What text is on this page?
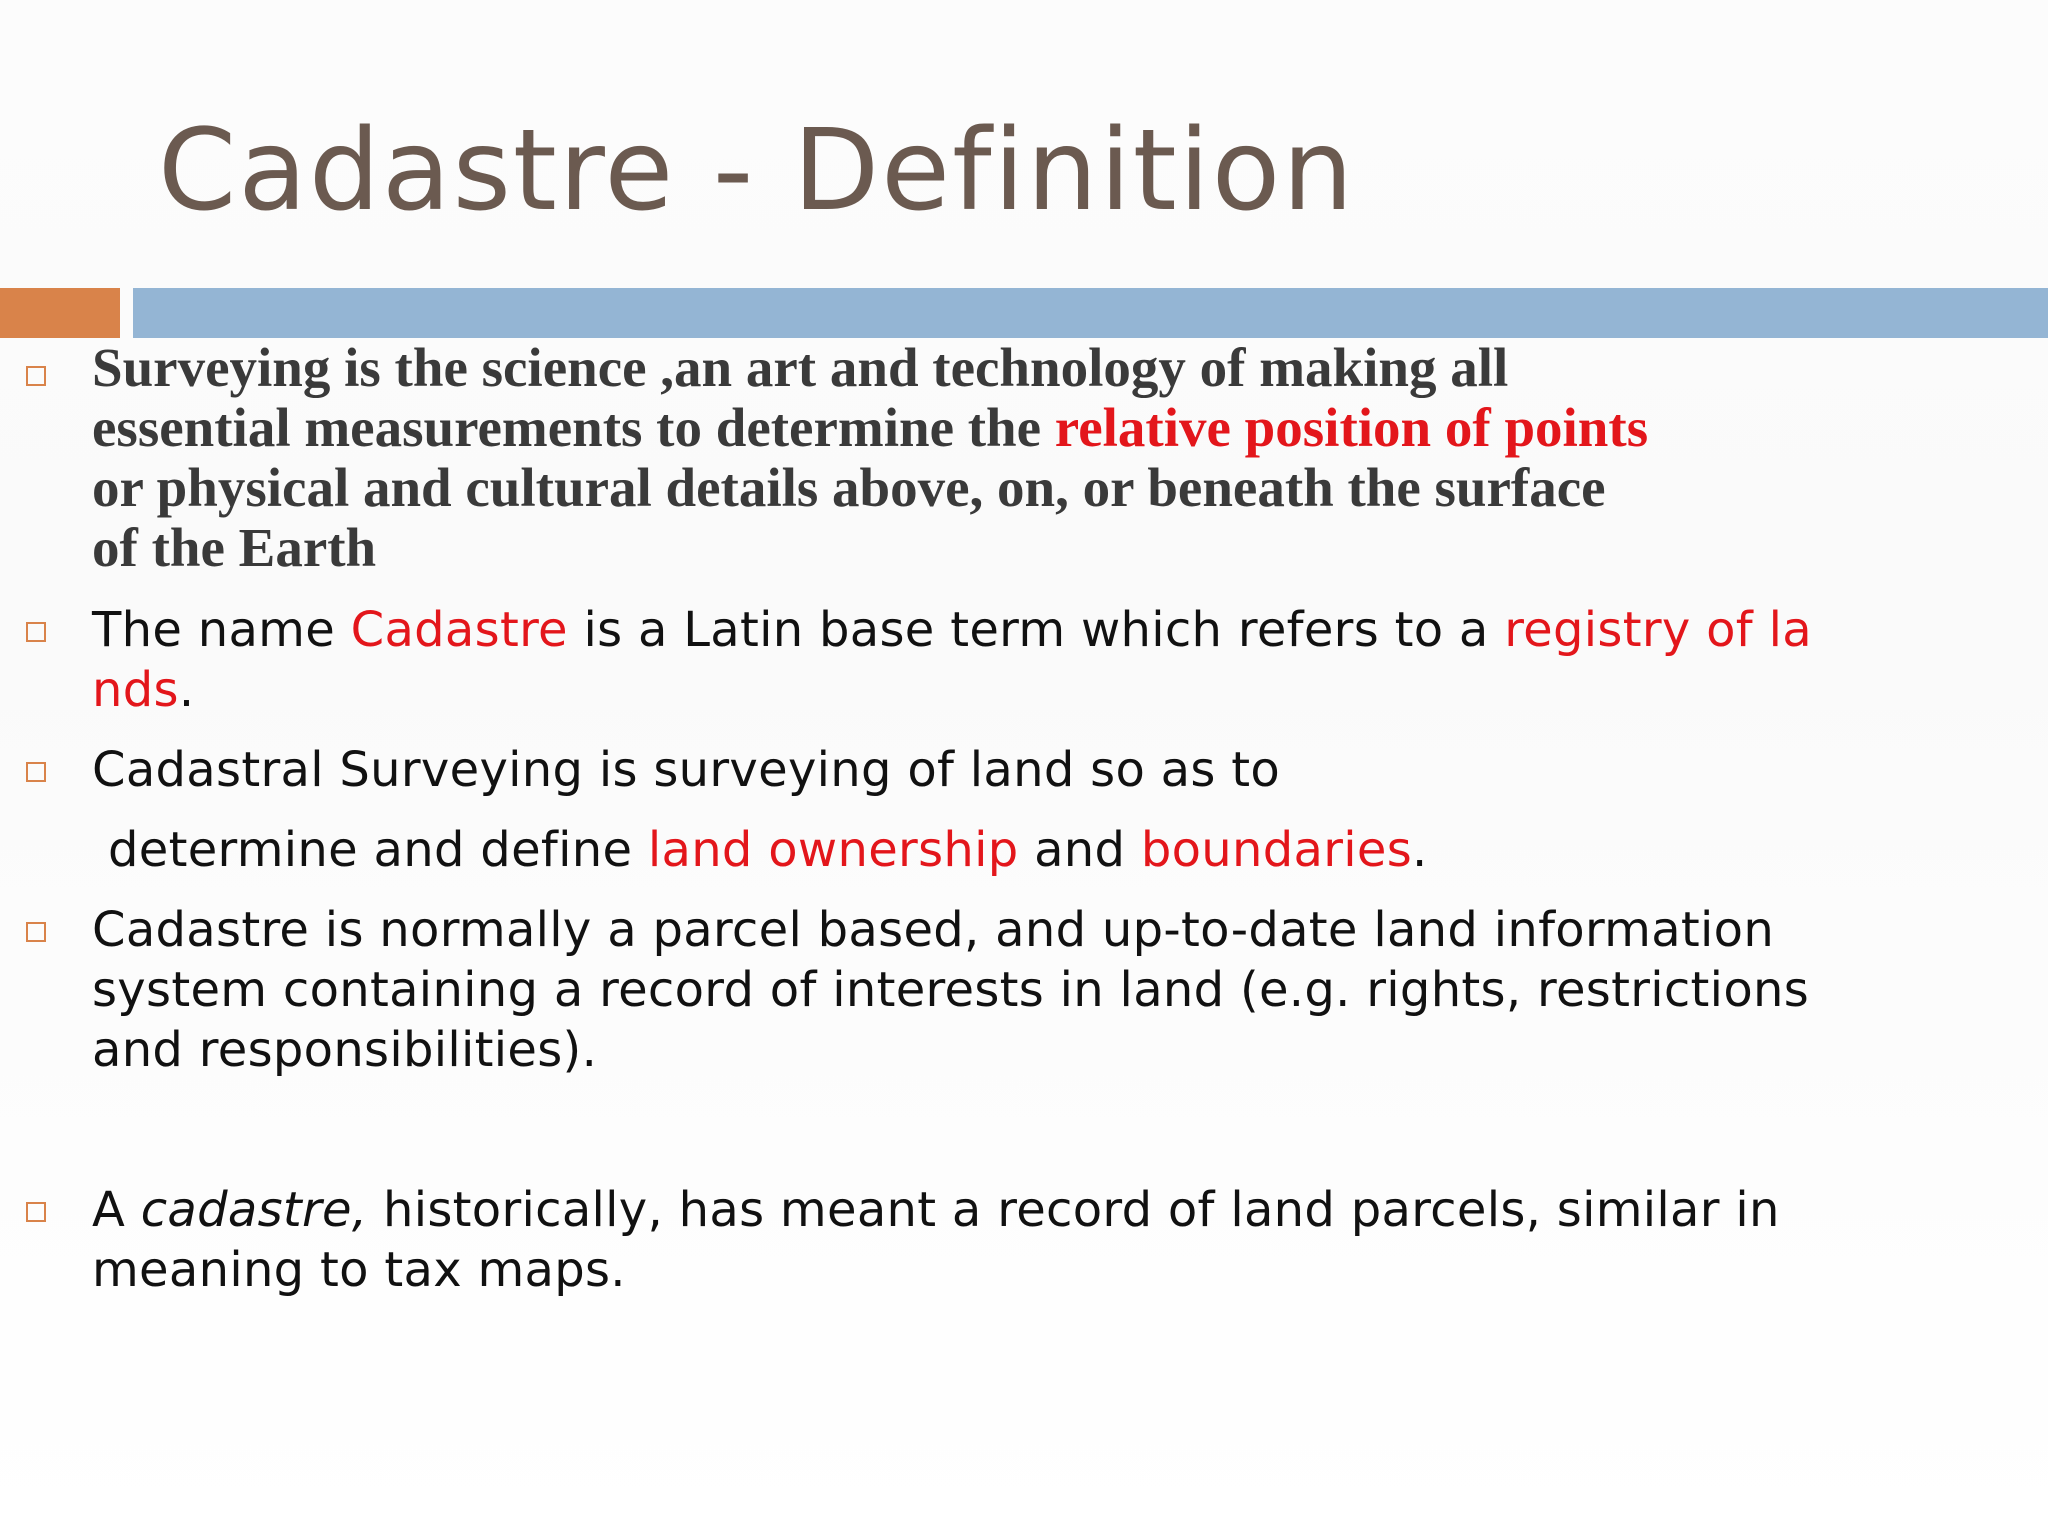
Cadastre - Definition
Surveying is the science ,an art and technology of making all
essential measurements to determine the relative position of points
or physical and cultural details above, on, or beneath the surface
of the Earth
The name Cadastre is a Latin base term which refers to a registry of la
nds.
Cadastral Surveying is surveying of land so as to
determine and define land ownership and boundaries.
Cadastre is normally a parcel based, and up-to-date land information
system containing a record of interests in land (e.g. rights, restrictions
and responsibilities).
A cadastre, historically, has meant a record of land parcels, similar in
meaning to tax maps.
